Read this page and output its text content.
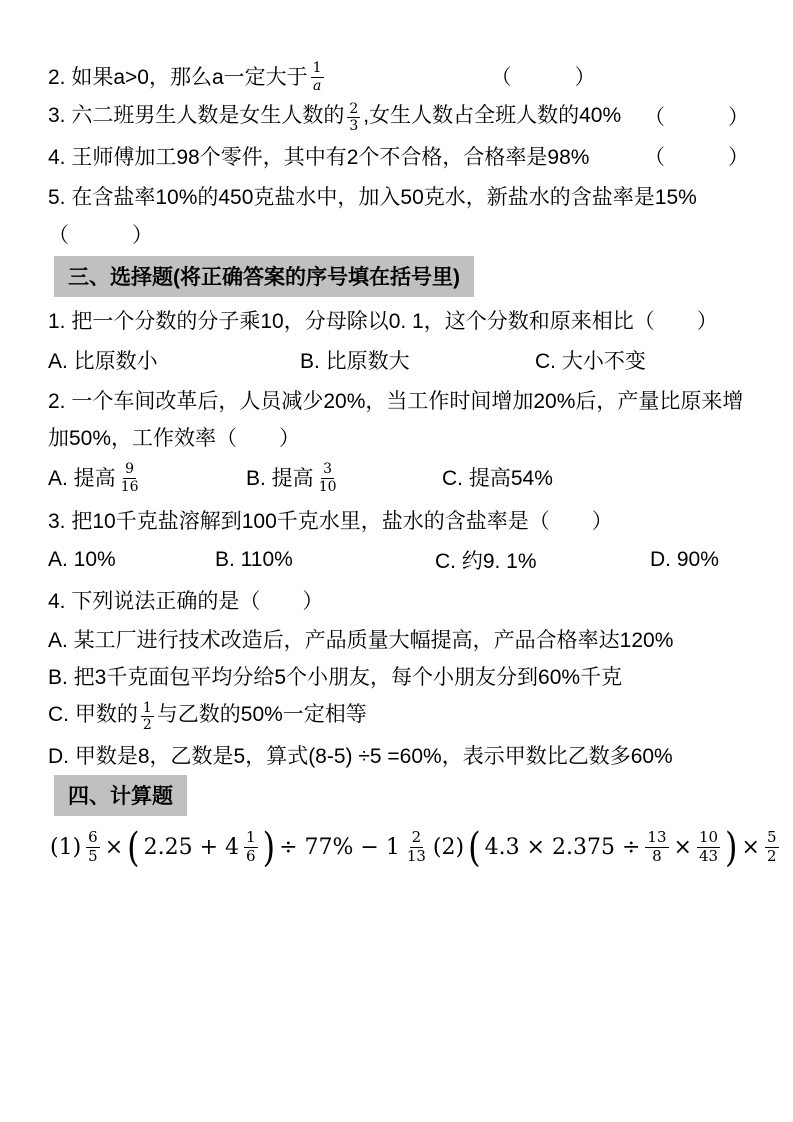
2. 如果a>0，那么a一定大于 $\frac{1}{a}$	（　　　）
3. 六二班男生人数是女生人数的 $\frac{2}{3}$ ,女生人数占全班人数的40% （　　　）
4. 王师傅加工98个零件，其中有2个不合格，合格率是98%	（　　　）
5. 在含盐率10%的450克盐水中，加入50克水，新盐水的含盐率是15%
（　　　）
三、选择题(将正确答案的序号填在括号里)
1. 把一个分数的分子乘10，分母除以0. 1，这个分数和原来相比（　　）
A. 比原数小	B. 比原数大	C. 大小不变
2. 一个车间改革后，人员减少20%，当工作时间增加20%后，产量比原来增
加50%，工作效率（　　）
A. 提高 $\frac{9}{16}$	B. 提高 $\frac{3}{10}$	C. 提高54%
3. 把10千克盐溶解到100千克水里，盐水的含盐率是（　　）
A. 10%	B. 110%	C. 约9. 1%	D. 90%
4. 下列说法正确的是（　　）
A. 某工厂进行技术改造后，产品质量大幅提高，产品合格率达120%
B. 把3千克面包平均分给5个小朋友，每个小朋友分到60%千克
C. 甲数的 $\frac{1}{2}$ 与乙数的50%一定相等
D. 甲数是8，乙数是5，算式(8-5) ÷5 =60%，表示甲数比乙数多60%
四、计算题
$(1) \frac{6}{5}$ × ( $2.25 + 4 \frac{1}{6}$ ) ÷ $77\% - 1 \frac{2}{13} (2)$ ( $4.3 \times 2.375 \div \frac{13}{8} \times \frac{10}{43}$ ) × $\frac{5}{2}$
